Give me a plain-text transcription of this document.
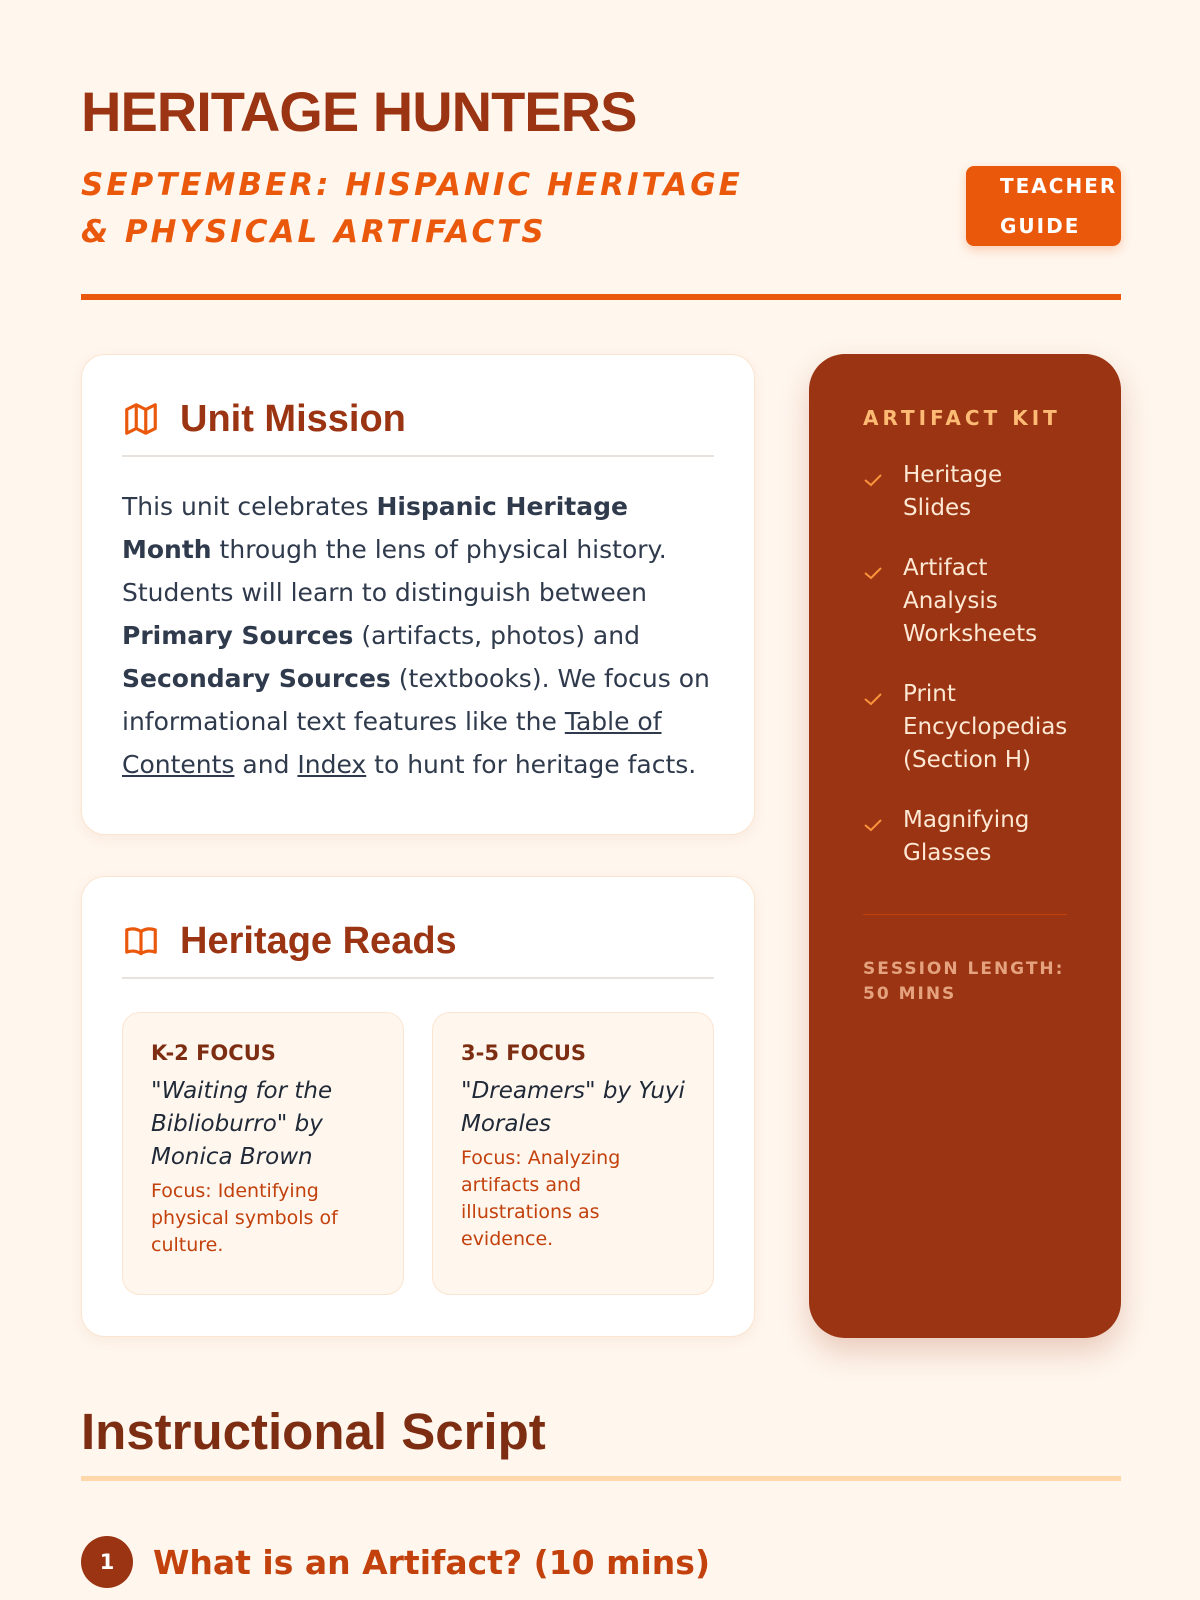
HERITAGE HUNTERS
SEPTEMBER: HISPANIC HERITAGE & PHYSICAL ARTIFACTS
TEACHER GUIDE
Unit Mission

This unit celebrates Hispanic Heritage Month through the lens of physical history. Students will learn to distinguish between Primary Sources (artifacts, photos) and Secondary Sources (textbooks). We focus on informational text features like the Table of Contents and Index to hunt for heritage facts.

Heritage Reads
K-2 FOCUS
"Waiting for the Biblioburro" by Monica Brown
Focus: Identifying physical symbols of culture.
3-5 FOCUS
"Dreamers" by Yuyi Morales
Focus: Analyzing artifacts and illustrations as evidence.
ARTIFACT KIT
Heritage Slides
Artifact Analysis Worksheets
Print Encyclopedias (Section H)
Magnifying Glasses

SESSION LENGTH: 50 MINS

Instructional Script
1	What is an Artifact? (10 mins)
